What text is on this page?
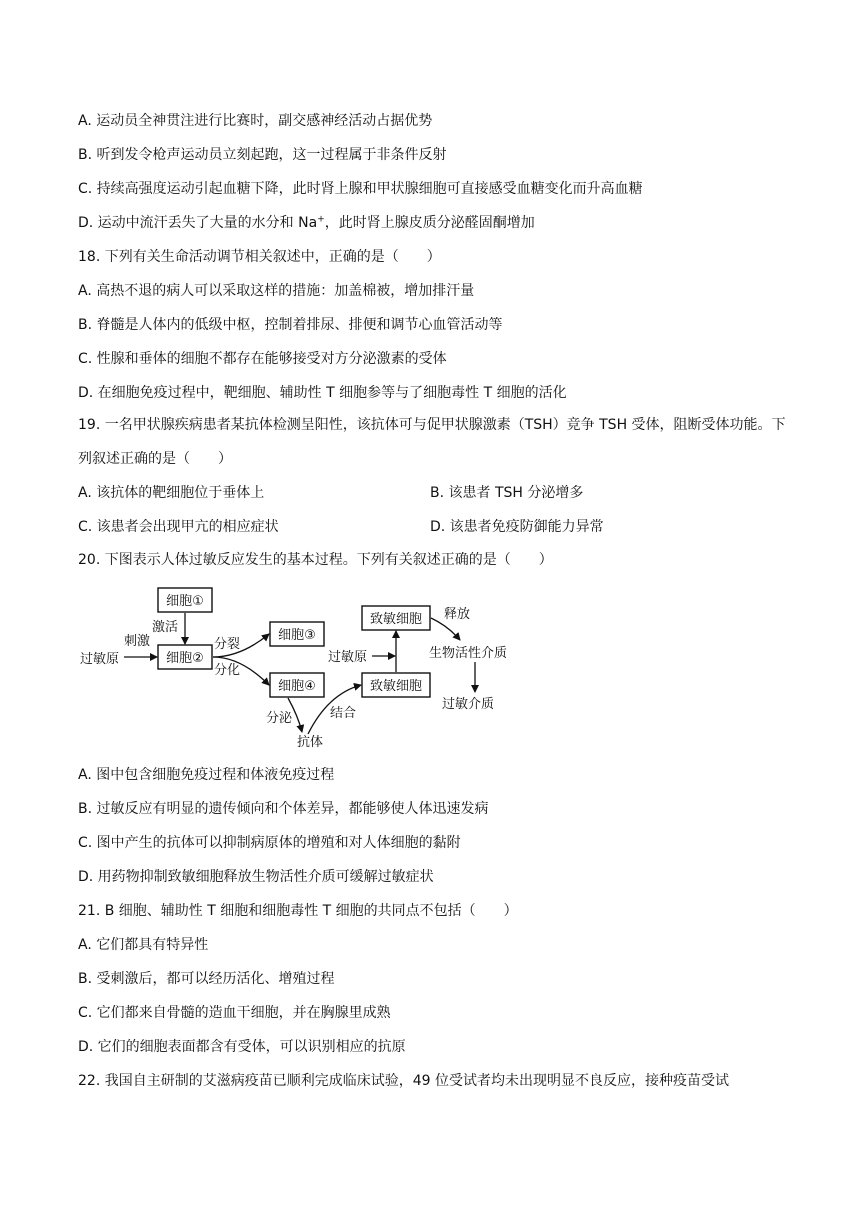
A. 运动员全神贯注进行比赛时，副交感神经活动占据优势
B. 听到发令枪声运动员立刻起跑，这一过程属于非条件反射
C. 持续高强度运动引起血糖下降，此时肾上腺和甲状腺细胞可直接感受血糖变化而升高血糖
D. 运动中流汗丢失了大量的水分和 Na+，此时肾上腺皮质分泌醛固酮增加
18. 下列有关生命活动调节相关叙述中，正确的是（　　）
A. 高热不退的病人可以采取这样的措施：加盖棉被，增加排汗量
B. 脊髓是人体内的低级中枢，控制着排尿、排便和调节心血管活动等
C. 性腺和垂体的细胞不都存在能够接受对方分泌激素的受体
D. 在细胞免疫过程中，靶细胞、辅助性 T 细胞参等与了细胞毒性 T 细胞的活化
19. 一名甲状腺疾病患者某抗体检测呈阳性，该抗体可与促甲状腺激素（TSH）竞争 TSH 受体，阻断受体功能。下列叙述正确的是（　　）
A. 该抗体的靶细胞位于垂体上	B. 该患者 TSH 分泌增多
C. 该患者会出现甲亢的相应症状	D. 该患者免疫防御能力异常
20. 下图表示人体过敏反应发生的基本过程。下列有关叙述正确的是（　　）
细胞①
细胞②
细胞③
细胞④
致敏细胞
致敏细胞
过敏原
刺激
激活
分裂
分化
过敏原
分泌	结合
抗体
释放
生物活性介质
过敏介质
A. 图中包含细胞免疫过程和体液免疫过程
B. 过敏反应有明显的遗传倾向和个体差异，都能够使人体迅速发病
C. 图中产生的抗体可以抑制病原体的增殖和对人体细胞的黏附
D. 用药物抑制致敏细胞释放生物活性介质可缓解过敏症状
21. B 细胞、辅助性 T 细胞和细胞毒性 T 细胞的共同点不包括（　　）
A. 它们都具有特异性
B. 受刺激后，都可以经历活化、增殖过程
C. 它们都来自骨髓的造血干细胞，并在胸腺里成熟
D. 它们的细胞表面都含有受体，可以识别相应的抗原
22. 我国自主研制的艾滋病疫苗已顺利完成临床试验，49 位受试者均未出现明显不良反应，接种疫苗受试
